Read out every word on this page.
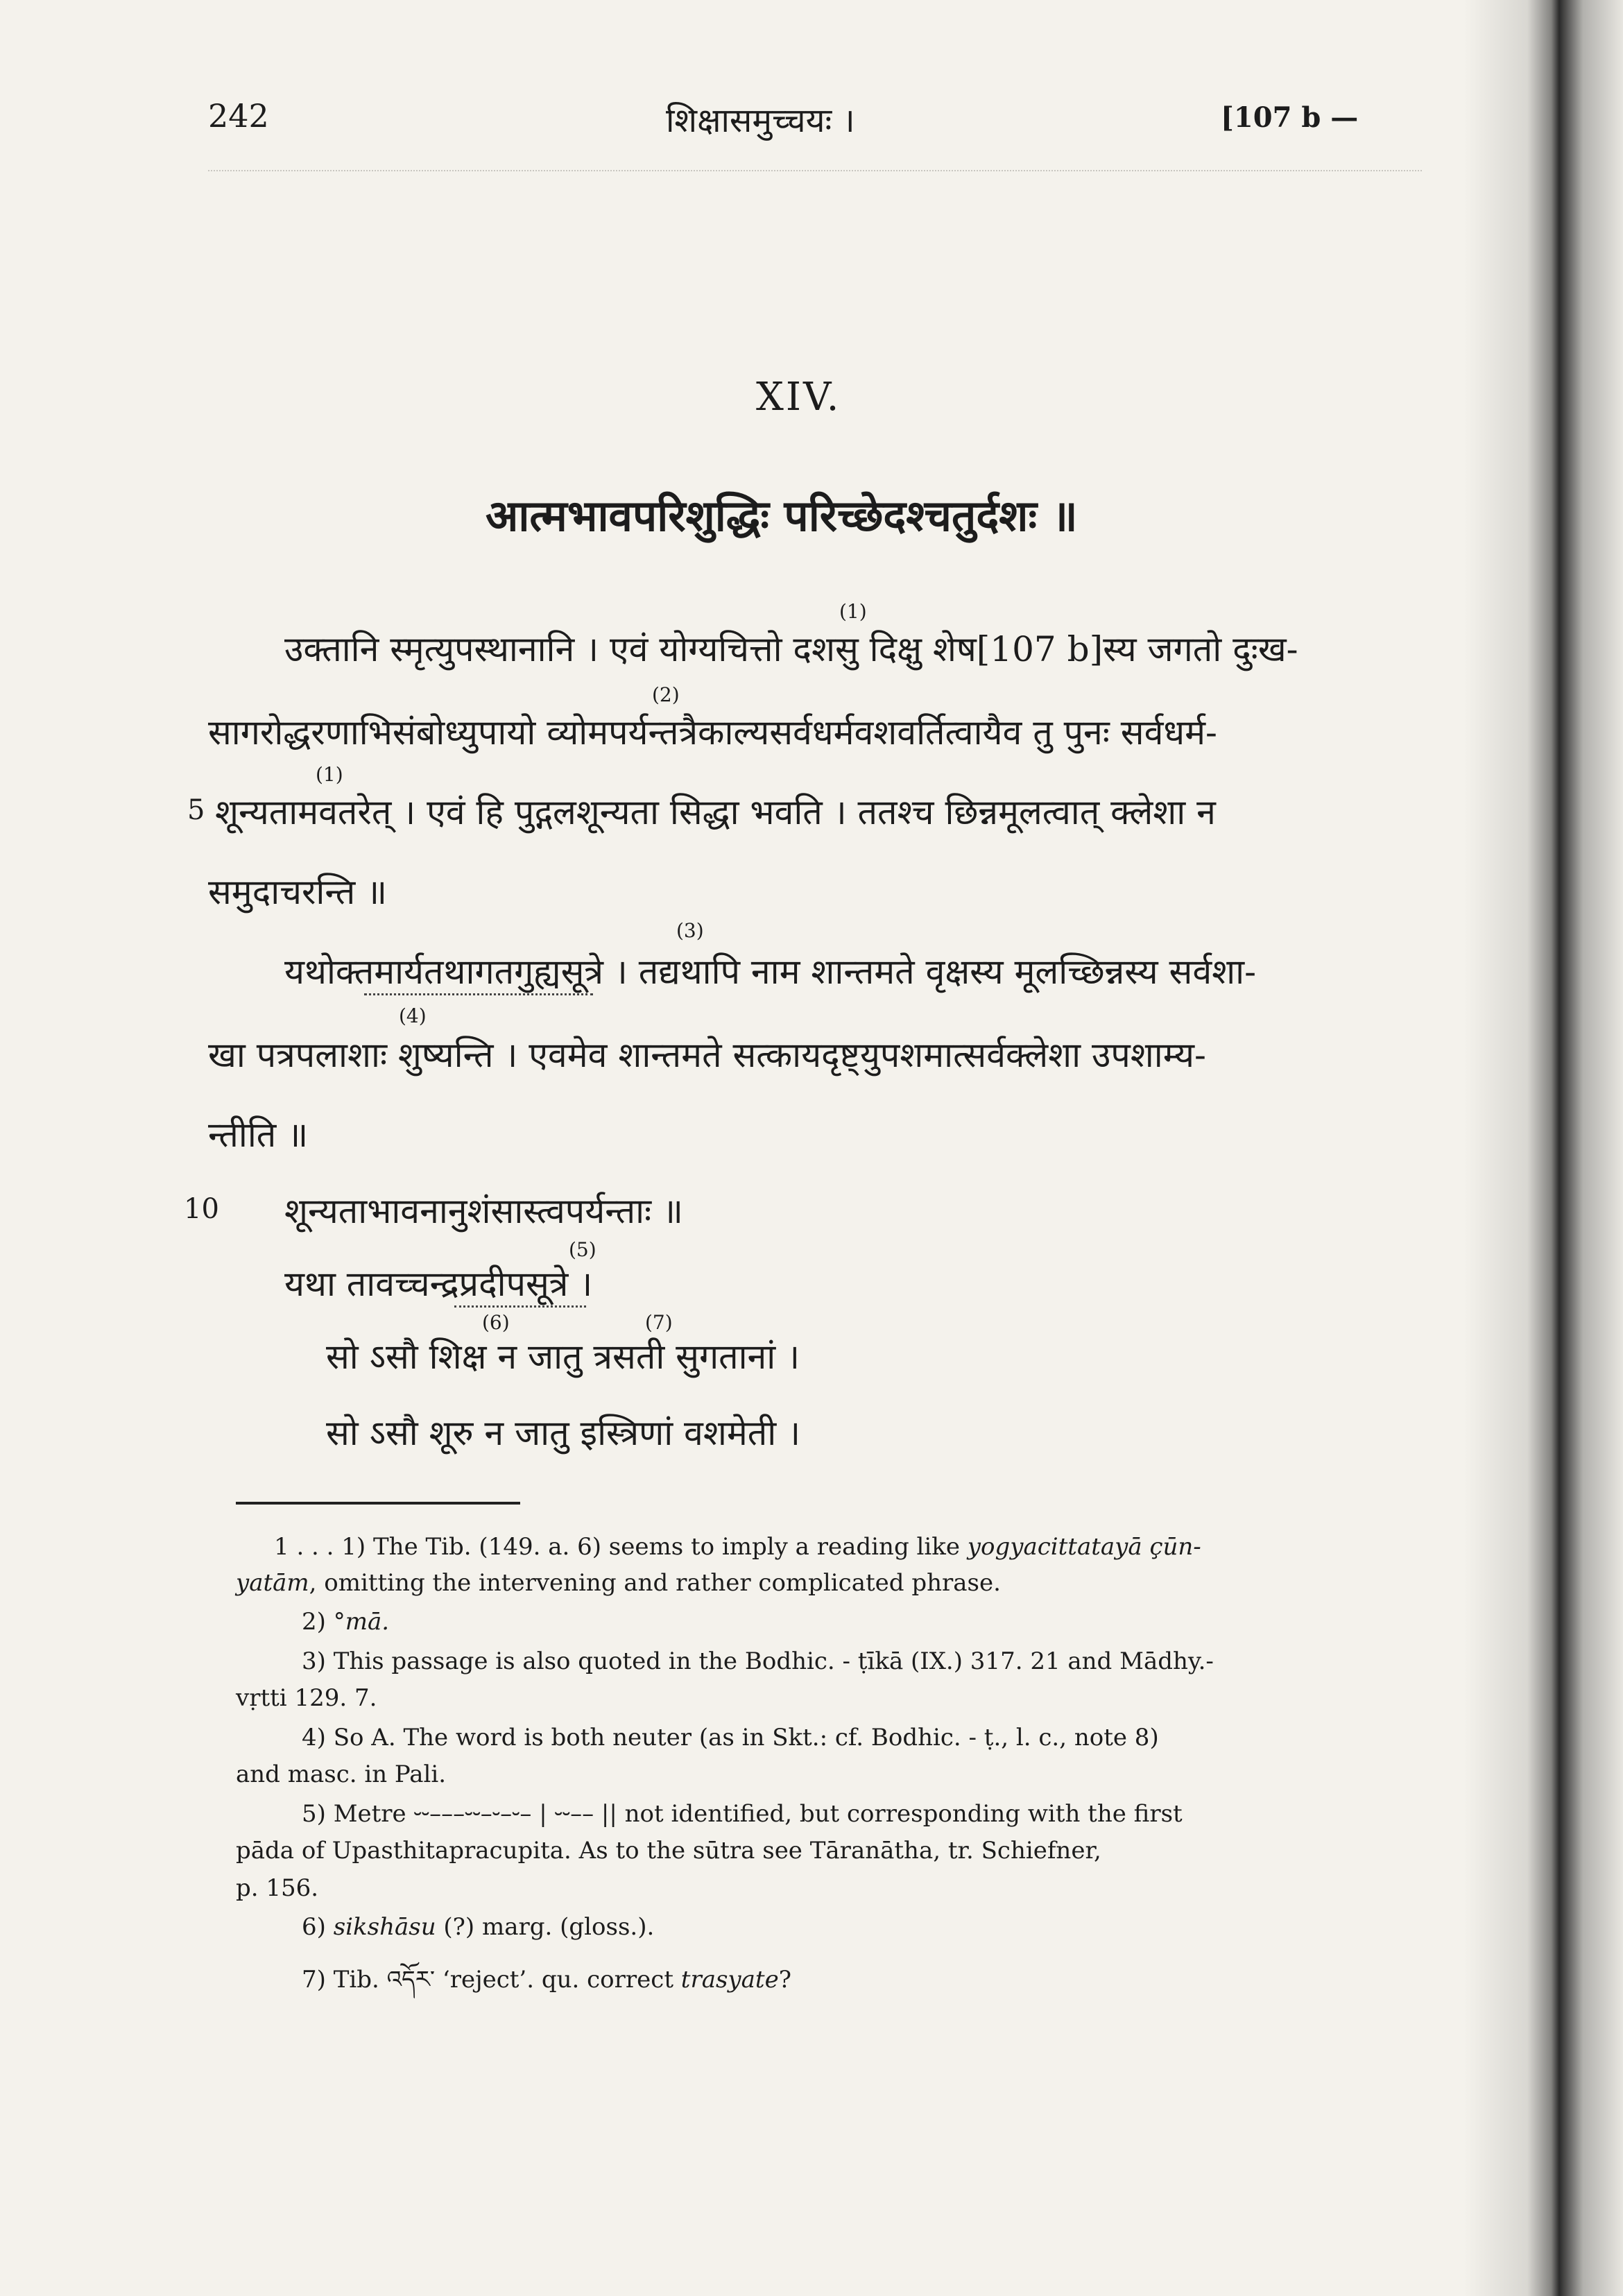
242	शिक्षासमुच्चयः ।	[107 b —
XIV.
आत्मभावपरिशुद्धिः परिच्छेदश्चतुर्दशः ॥
उक्तानि स्मृत्युपस्थानानि । एवं योग्यचित्तो दशसु दिक्षु शेष[107 b]स्य जगतो दुःख-
(1)
सागरोद्धरणाभिसंबोध्युपायो व्योमपर्यन्तत्रैकाल्यसर्वधर्मवशवर्तित्वायैव तु पुनः सर्वधर्म-
(2)
5 शून्यतामवतरेत् । एवं हि पुद्गलशून्यता सिद्धा भवति । ततश्च छिन्नमूलत्वात् क्लेशा न
(1)
समुदाचरन्ति ॥
यथोक्तमार्यतथागतगुह्यसूत्रे । तद्यथापि नाम शान्तमते वृक्षस्य मूलच्छिन्नस्य सर्वशा-
(3)
खा पत्रपलाशाः शुष्यन्ति । एवमेव शान्तमते सत्कायदृष्ट्युपशमात्सर्वक्लेशा उपशाम्य-
(4)
न्तीति ॥
10 शून्यताभावनानुशंसास्त्वपर्यन्ताः ॥
यथा तावच्चन्द्रप्रदीपसूत्रे ।
(5)
सो ऽसौ शिक्ष न जातु त्रसती सुगतानां ।
(6)	(7)
सो ऽसौ शूरु न जातु इस्त्रिणां वशमेती ।
1 . . . 1) The Tib. (149. a. 6) seems to imply a reading like yogyacittatayā çūn-
yatām, omitting the intervening and rather complicated phrase.
2) °mā.
3) This passage is also quoted in the Bodhic. - ṭīkā (IX.) 317. 21 and Mādhy.-
vṛtti 129. 7.
4) So A. The word is both neuter (as in Skt.: cf. Bodhic. - ṭ., l. c., note 8)
and masc. in Pali.
5) Metre ⏑⏑–––⏑⏑–⏑–⏑– | ⏑⏑–– || not identified, but corresponding with the first
pāda of Upasthitapracupita. As to the sūtra see Tāranātha, tr. Schiefner,
p. 156.
6) sikshāsu (?) marg. (gloss.).
7) Tib. འདོར་ ‘reject’. qu. correct trasyate?
